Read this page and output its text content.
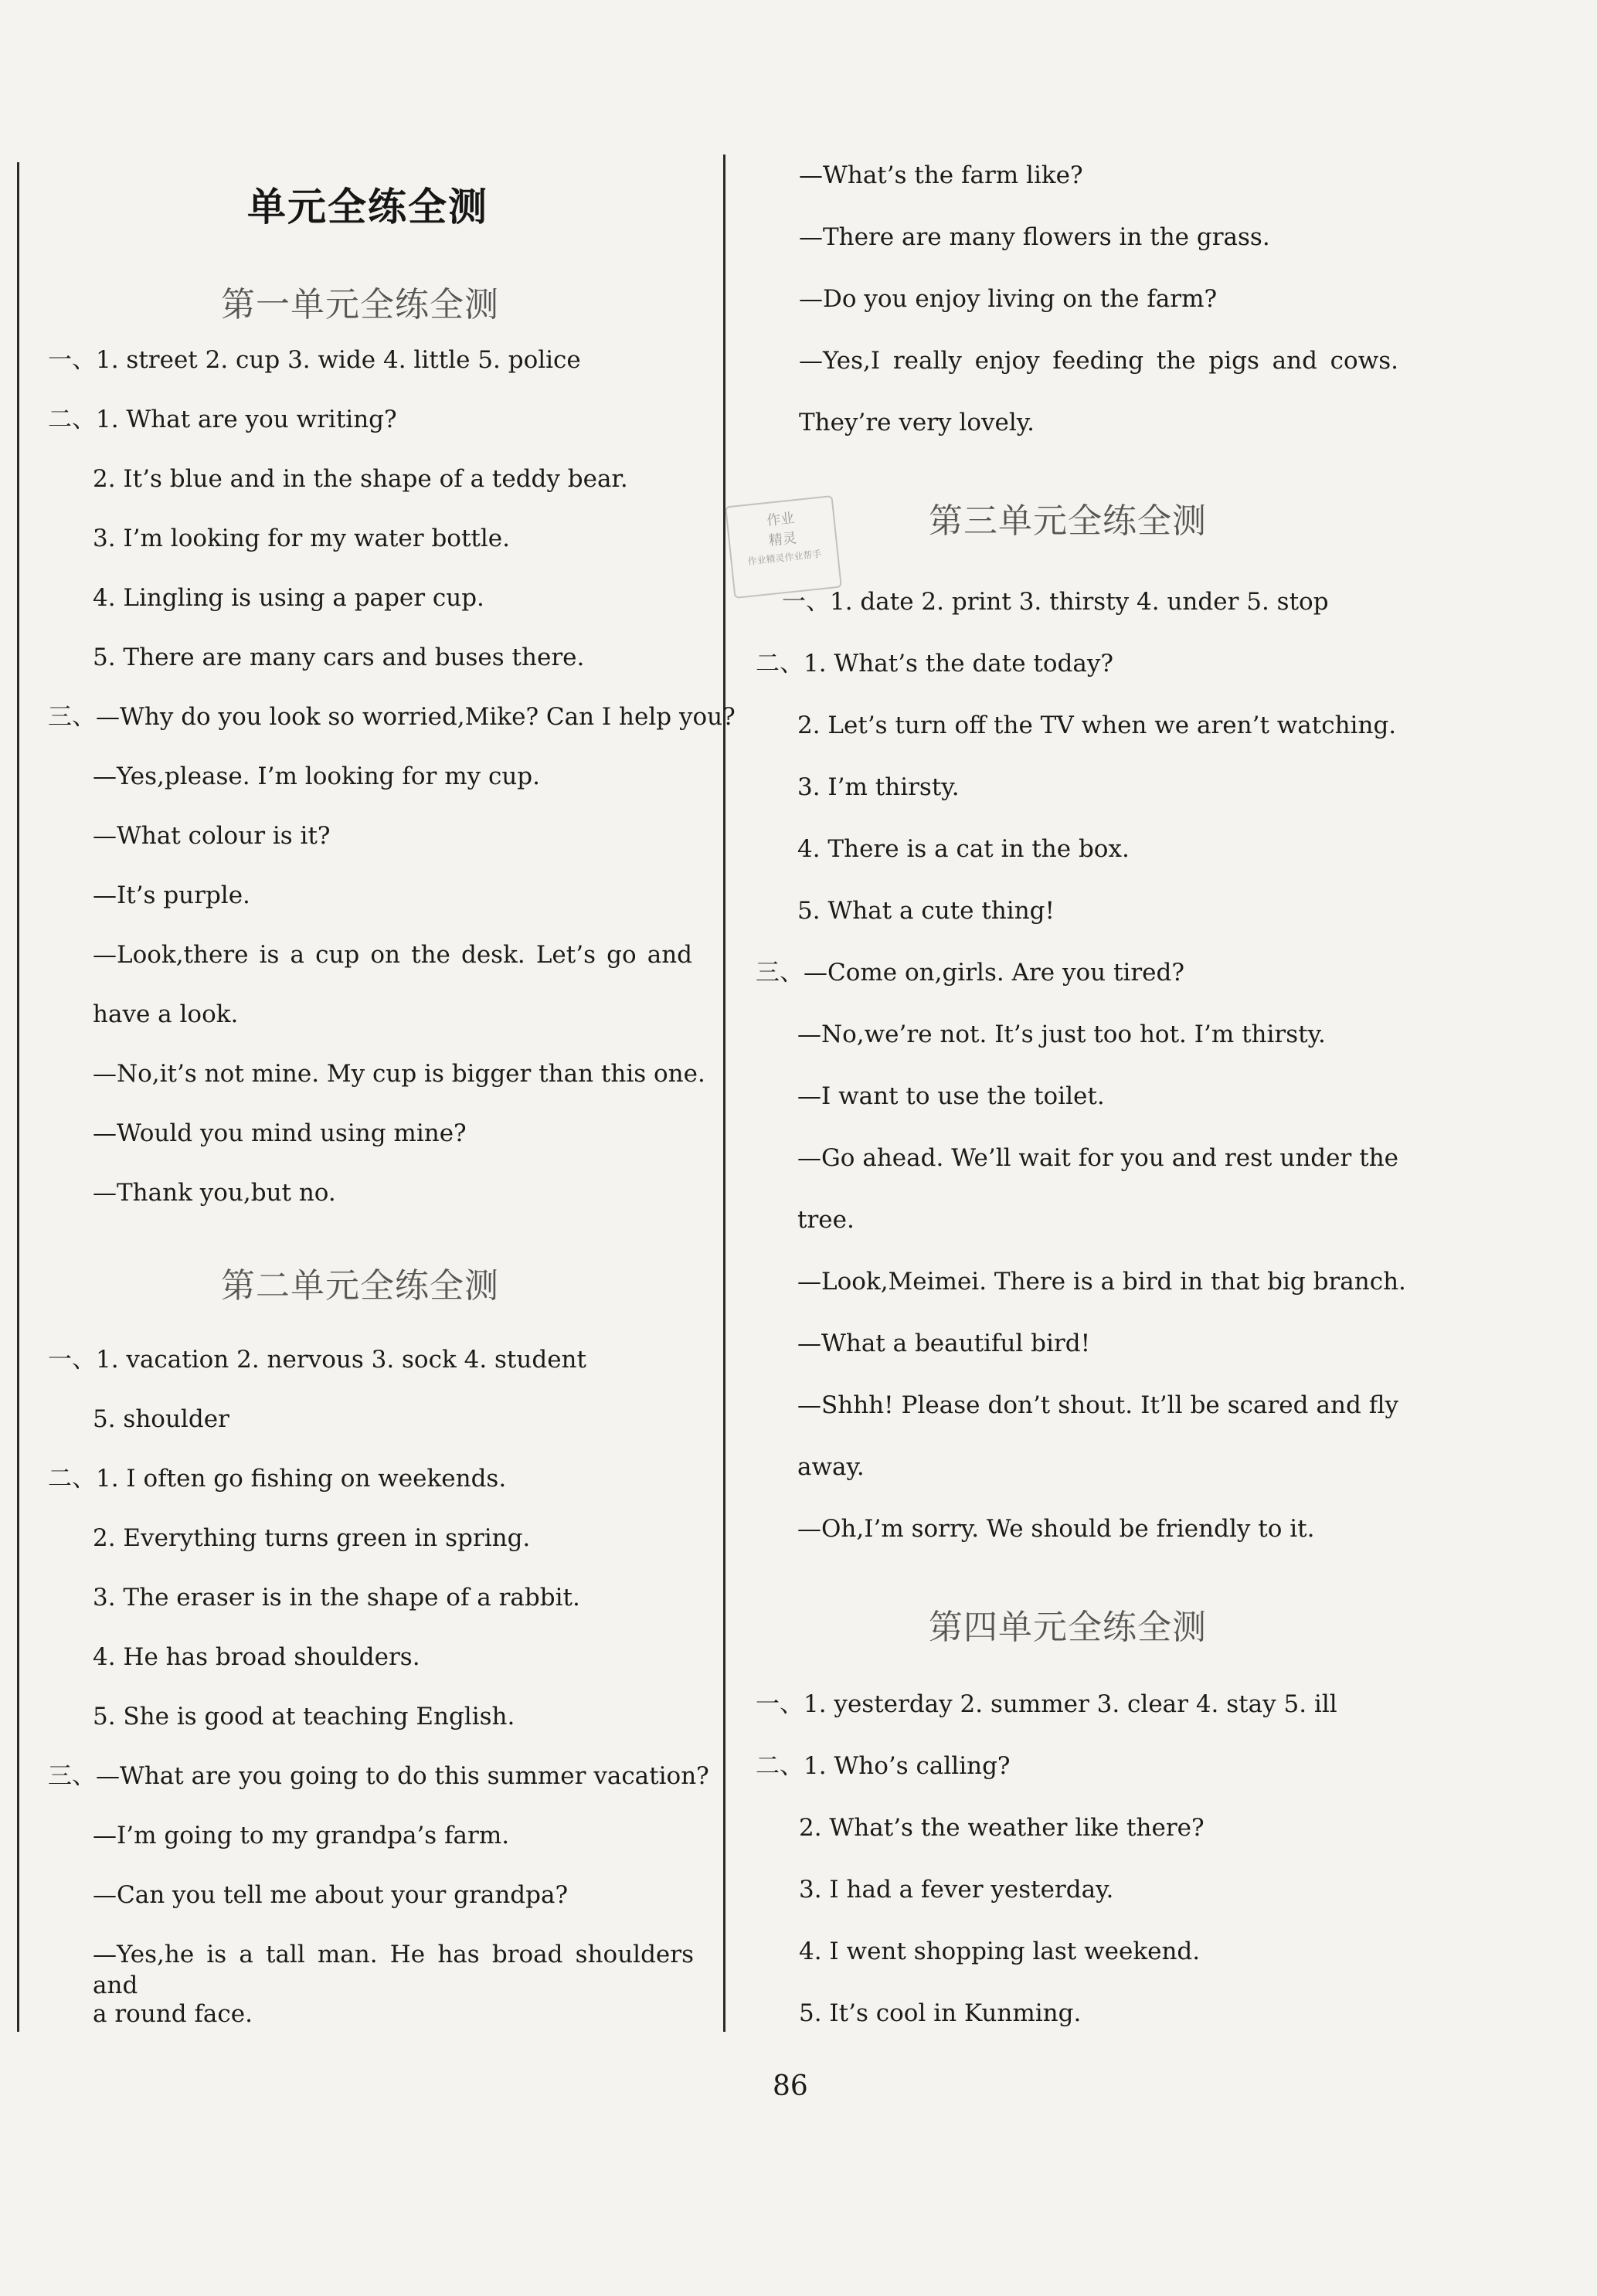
单元全练全测
第一单元全练全测
一、1. street 2. cup 3. wide 4. little 5. police
二、1. What are you writing?
2. It’s blue and in the shape of a teddy bear.
3. I’m looking for my water bottle.
4. Lingling is using a paper cup.
5. There are many cars and buses there.
三、—Why do you look so worried,Mike? Can I help you?
—Yes,please. I’m looking for my cup.
—What colour is it?
—It’s purple.
—Look,there is a cup on the desk. Let’s go and
have a look.
—No,it’s not mine. My cup is bigger than this one.
—Would you mind using mine?
—Thank you,but no.
第二单元全练全测
一、1. vacation 2. nervous 3. sock 4. student
5. shoulder
二、1. I often go fishing on weekends.
2. Everything turns green in spring.
3. The eraser is in the shape of a rabbit.
4. He has broad shoulders.
5. She is good at teaching English.
三、—What are you going to do this summer vacation?
—I’m going to my grandpa’s farm.
—Can you tell me about your grandpa?
—Yes,he is a tall man. He has broad shoulders and
a round face.
—What’s the farm like?
—There are many flowers in the grass.
—Do you enjoy living on the farm?
—Yes,I really enjoy feeding the pigs and cows.
They’re very lovely.
作业
精灵
作业精灵作业帮手
第三单元全练全测
一、1. date 2. print 3. thirsty 4. under 5. stop
二、1. What’s the date today?
2. Let’s turn off the TV when we aren’t watching.
3. I’m thirsty.
4. There is a cat in the box.
5. What a cute thing!
三、—Come on,girls. Are you tired?
—No,we’re not. It’s just too hot. I’m thirsty.
—I want to use the toilet.
—Go ahead. We’ll wait for you and rest under the
tree.
—Look,Meimei. There is a bird in that big branch.
—What a beautiful bird!
—Shhh! Please don’t shout. It’ll be scared and fly
away.
—Oh,I’m sorry. We should be friendly to it.
第四单元全练全测
一、1. yesterday 2. summer 3. clear 4. stay 5. ill
二、1. Who’s calling?
2. What’s the weather like there?
3. I had a fever yesterday.
4. I went shopping last weekend.
5. It’s cool in Kunming.
86
